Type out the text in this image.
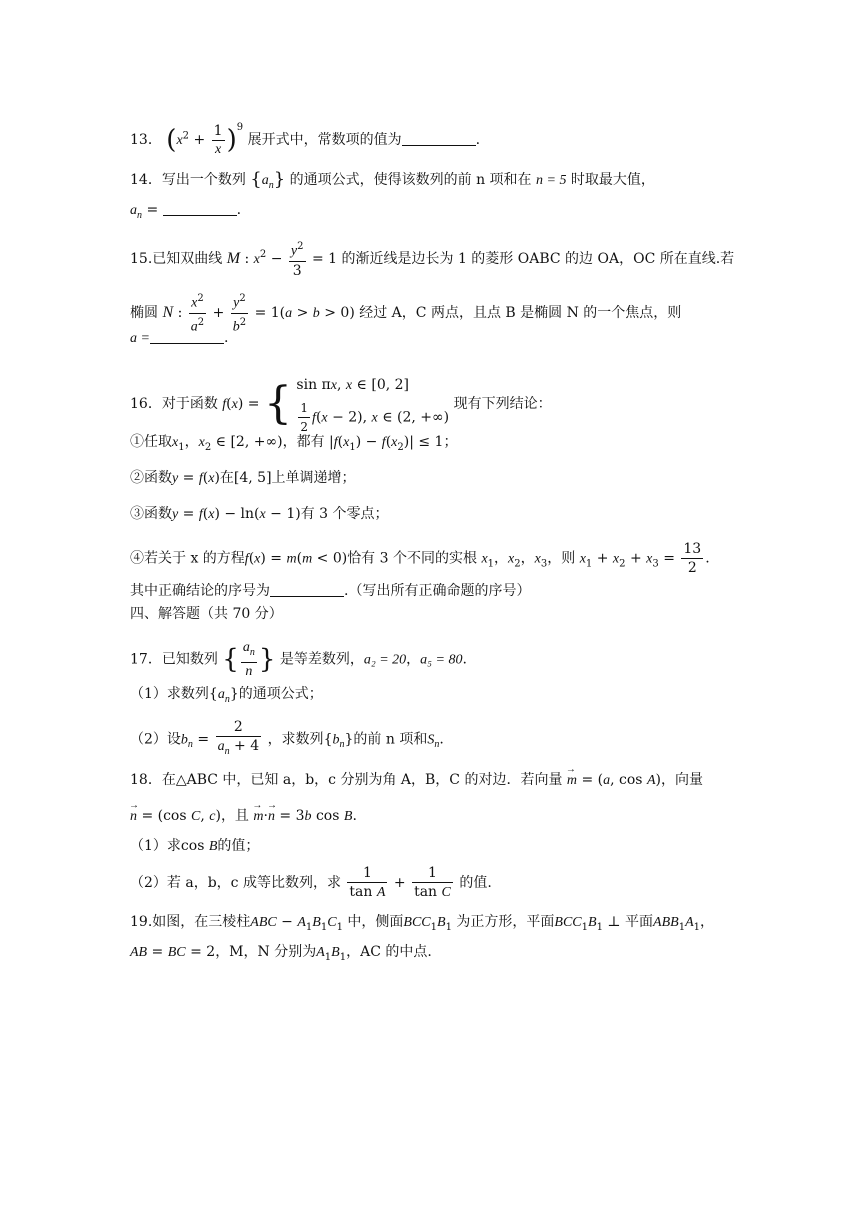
13． $(x^2 + \frac{1}{x} )^9$ 展开式中，常数项的值为	.
14．写出一个数列 $\{a_n\}$ 的通项公式，使得该数列的前 n 项和在 n = 5 时取最大值，
$a_n$ =	.
15.已知双曲线 M : $x^2 - \frac{y^2}{3} = 1$ 的渐近线是边长为 1 的菱形 OABC 的边 OA，OC 所在直线.若
椭圆 N : $\frac{x^2}{a^2} + \frac{y^2}{b^2} = 1(a > b > 0)$ 经过 A，C 两点，且点 B 是椭圆 N 的一个焦点，则
a =	.
16．对于函数 f(x) = { sin πx, x ∈ [0, 2]
$\frac{1}{2} f(x - 2)$, x ∈ (2, +∞)
现有下列结论：
①任取$x_1$，$x_2$ ∈ [2, +∞)，都有 $|f(x_1) - f(x_2)| \le 1$；
②函数y = f(x)在[4, 5]上单调递增；
③函数y = f(x) − ln(x − 1)有 3 个零点；
④若关于 x 的方程f(x) = m(m < 0)恰有 3 个不同的实根 $x_1$，$x_2$，$x_3$，则 $x_1 + x_2 + x_3 = \frac{13}{2}$ .
其中正确结论的序号为	.（写出所有正确命题的序号）
四、解答题（共 70 分）
17．已知数列 { $\frac{a_n}{n}$ } 是等差数列，a₂ = 20，a₅ = 80.
（1）求数列$\{a_n\}$的通项公式；
（2）设$b_n = \frac{2}{a_n + 4}$ ，求数列$\{b_n\}$的前 n 项和$S_n$.
18．在△ABC 中，已知 a，b，c 分别为角 A，B，C 的对边．若向量 → m = (a, cos A)，向量
→ n = (cos C, c)，且 → m·→ n = 3b cos B.
（1）求cos B的值；
（2）若 a，b，c 成等比数列，求 $\frac{1}{\text{tan A}} + \frac{1}{\text{tan C}}$ 的值.
19.如图，在三棱柱ABC − $A_1B_1C_1$ 中，侧面$BCC_1B_1$ 为正方形，平面$BCC_1B_1$ ⊥ 平面$ABB_1A_1$，
AB = BC = 2，M，N 分别为$A_1B_1$，AC 的中点.
